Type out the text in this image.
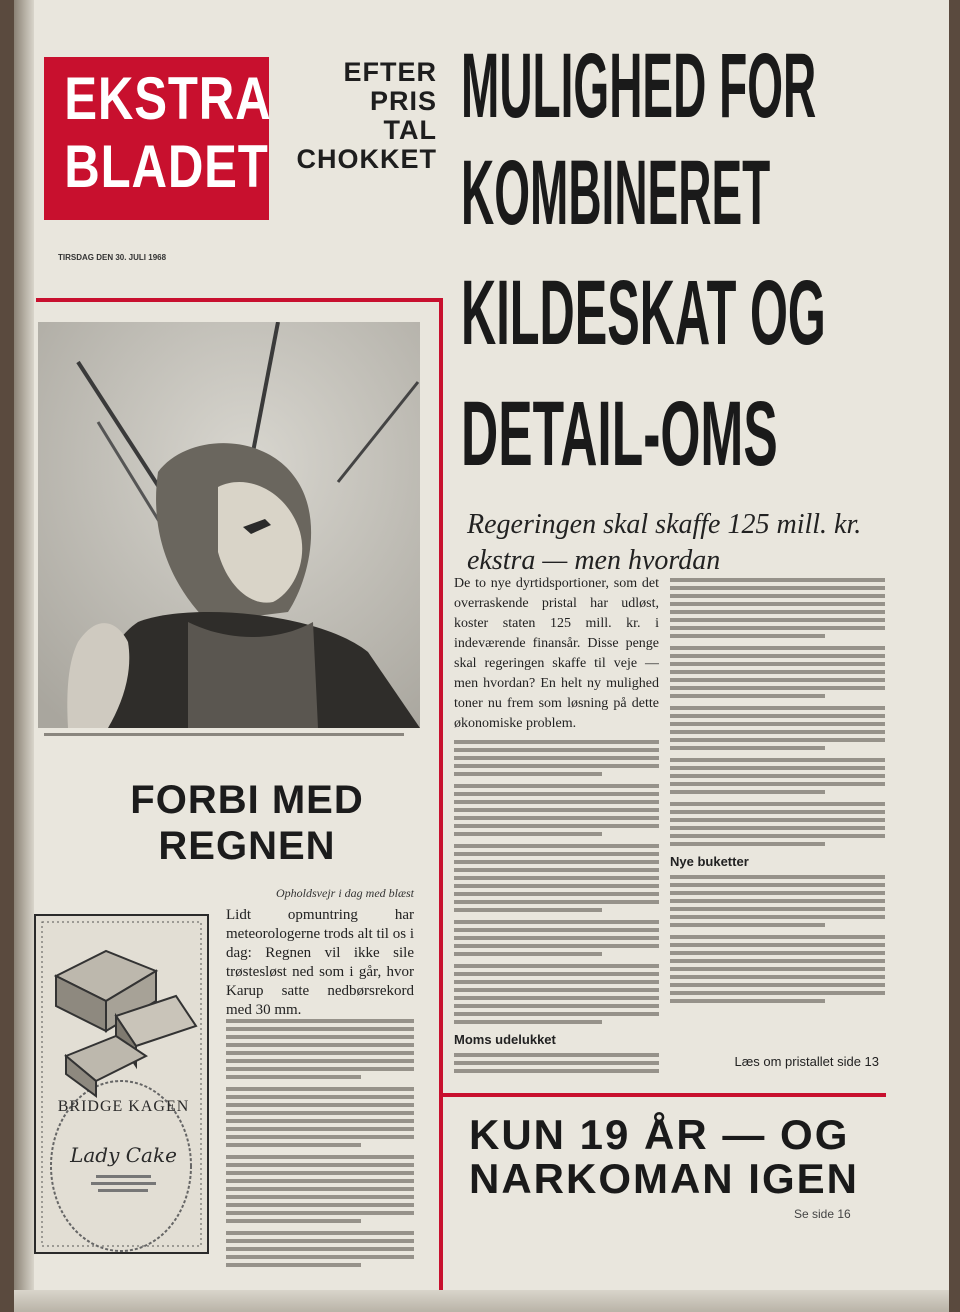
EKSTRA
BLADET
TIRSDAG DEN 30. JULI 1968
EFTER
PRIS
TAL
CHOKKET
MULIGHED FOR
KOMBINERET
KILDESKAT OG
DETAIL-OMS
Regeringen skal skaffe 125 mill. kr. ekstra — men hvordan
FORBI MED REGNEN
Opholdsvejr i dag med blæst
Lidt opmuntring har meteorologerne trods alt til os i dag: Regnen vil ikke sile trøstesløst ned som i går, hvor Karup satte nedbørsrekord med 30 mm.
BRIDGE KAGEN
Lady Cake

De to nye dyrtidsportioner, som det overraskende pristal har udløst, koster staten 125 mill. kr. i indeværende finansår. Disse penge skal regeringen skaffe til veje — men hvordan? En helt ny mulighed toner nu frem som løsning på dette økonomiske problem.

Moms udelukket
Nye buketter
Læs om pristallet side 13
KUN 19 ÅR — OG NARKOMAN IGEN
Se side 16
